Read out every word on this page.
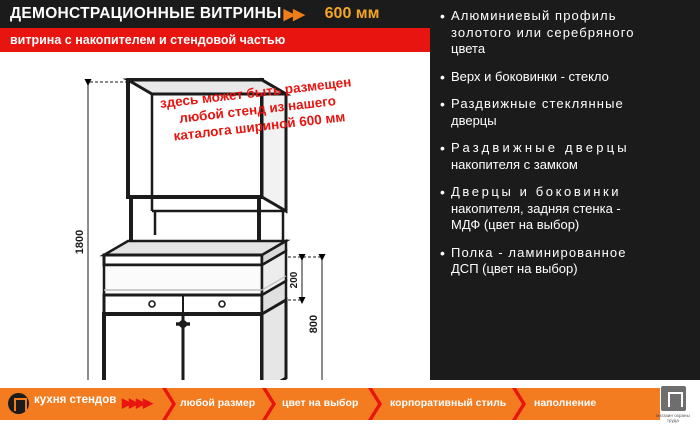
ДЕМОНСТРАЦИОННЫЕ ВИТРИНЫ ▶▶ 600 мм
витрина с накопителем и стендовой частью
• Алюминиевый профиль
золотого или серебряного
цвета
• Верх и боковинки - стекло
• Раздвижные стеклянные
дверцы
• Раздвижные дверцы
накопителя с замком
• Дверцы и боковинки
накопителя, задняя стенка -
МДФ (цвет на выбор)
• Полка - ламинированное
ДСП (цвет на выбор)
1800
800
200
здесь может быть размещен любой стенд из нашего каталога шириной 600 мм
кухня стендов ▶▶ ▶▶	любой размер	цвет на выбор	корпоративный стиль	наполнение
магазин охраны труда
